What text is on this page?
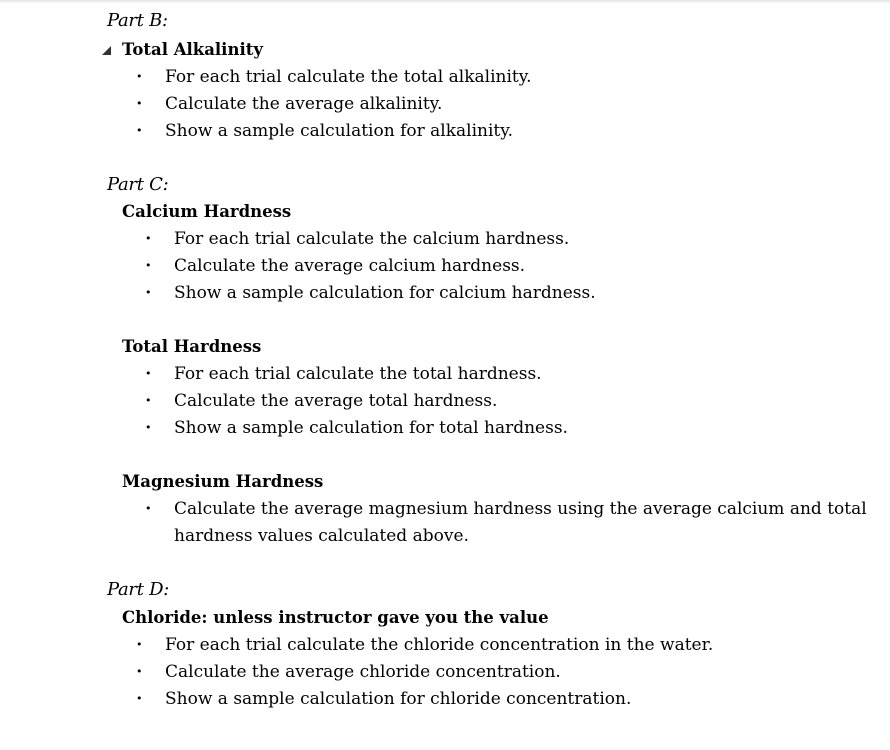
Part B:
Total Alkalinity
• For each trial calculate the total alkalinity.
• Calculate the average alkalinity.
• Show a sample calculation for alkalinity.
Part C:
Calcium Hardness
• For each trial calculate the calcium hardness.
• Calculate the average calcium hardness.
• Show a sample calculation for calcium hardness.
Total Hardness
• For each trial calculate the total hardness.
• Calculate the average total hardness.
• Show a sample calculation for total hardness.
Magnesium Hardness
• Calculate the average magnesium hardness using the average calcium and total
hardness values calculated above.
Part D:
Chloride: unless instructor gave you the value
• For each trial calculate the chloride concentration in the water.
• Calculate the average chloride concentration.
• Show a sample calculation for chloride concentration.
